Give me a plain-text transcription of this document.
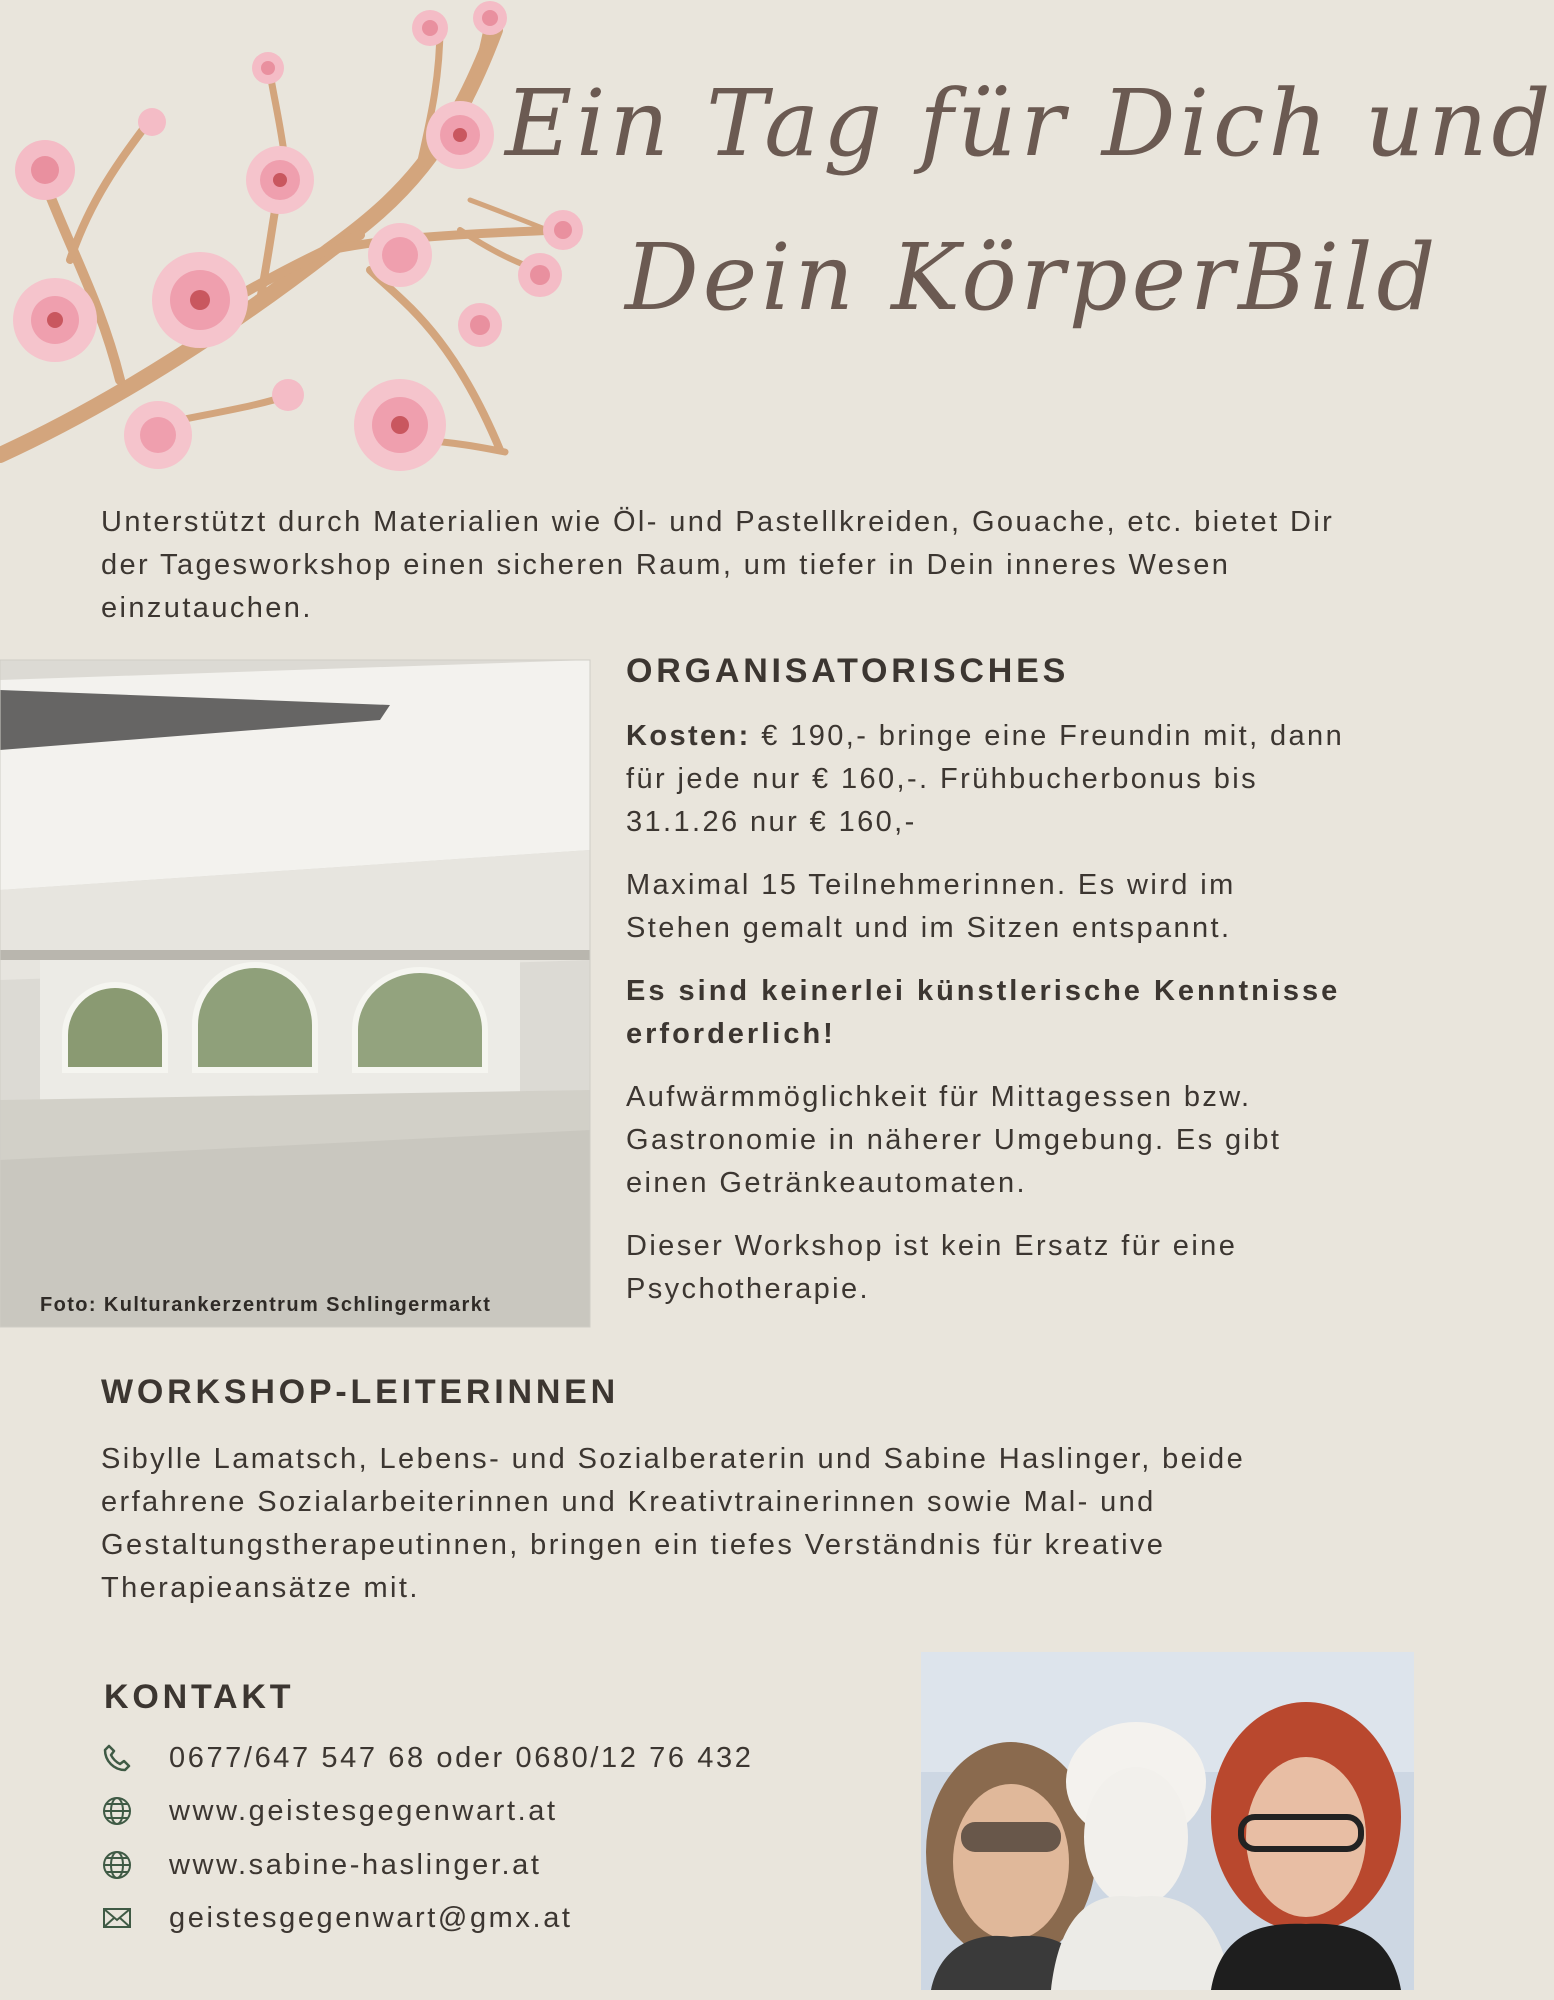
Ein Tag für Dich und
Dein KörperBild
Unterstützt durch Materialien wie Öl- und Pastellkreiden, Gouache, etc. bietet Dir der Tagesworkshop einen sicheren Raum, um tiefer in Dein inneres Wesen einzutauchen.
Foto: Kulturankerzentrum Schlingermarkt
ORGANISATORISCHES

Kosten: € 190,- bringe eine Freundin mit, dann für jede nur € 160,-. Frühbucherbonus bis 31.1.26 nur € 160,-

Maximal 15 Teilnehmerinnen. Es wird im Stehen gemalt und im Sitzen entspannt.

Es sind keinerlei künstlerische Kenntnisse erforderlich!

Aufwärmmöglichkeit für Mittagessen bzw. Gastronomie in näherer Umgebung. Es gibt einen Getränkeautomaten.

Dieser Workshop ist kein Ersatz für eine Psychotherapie.

WORKSHOP-LEITERINNEN
Sibylle Lamatsch, Lebens- und Sozialberaterin und Sabine Haslinger, beide erfahrene Sozialarbeiterinnen und Kreativtrainerinnen sowie Mal- und Gestaltungstherapeutinnen, bringen ein tiefes Verständnis für kreative Therapieansätze mit.
KONTAKT
0677/647 547 68 oder 0680/12 76 432
www.geistesgegenwart.at
www.sabine-haslinger.at
geistesgegenwart@gmx.at
